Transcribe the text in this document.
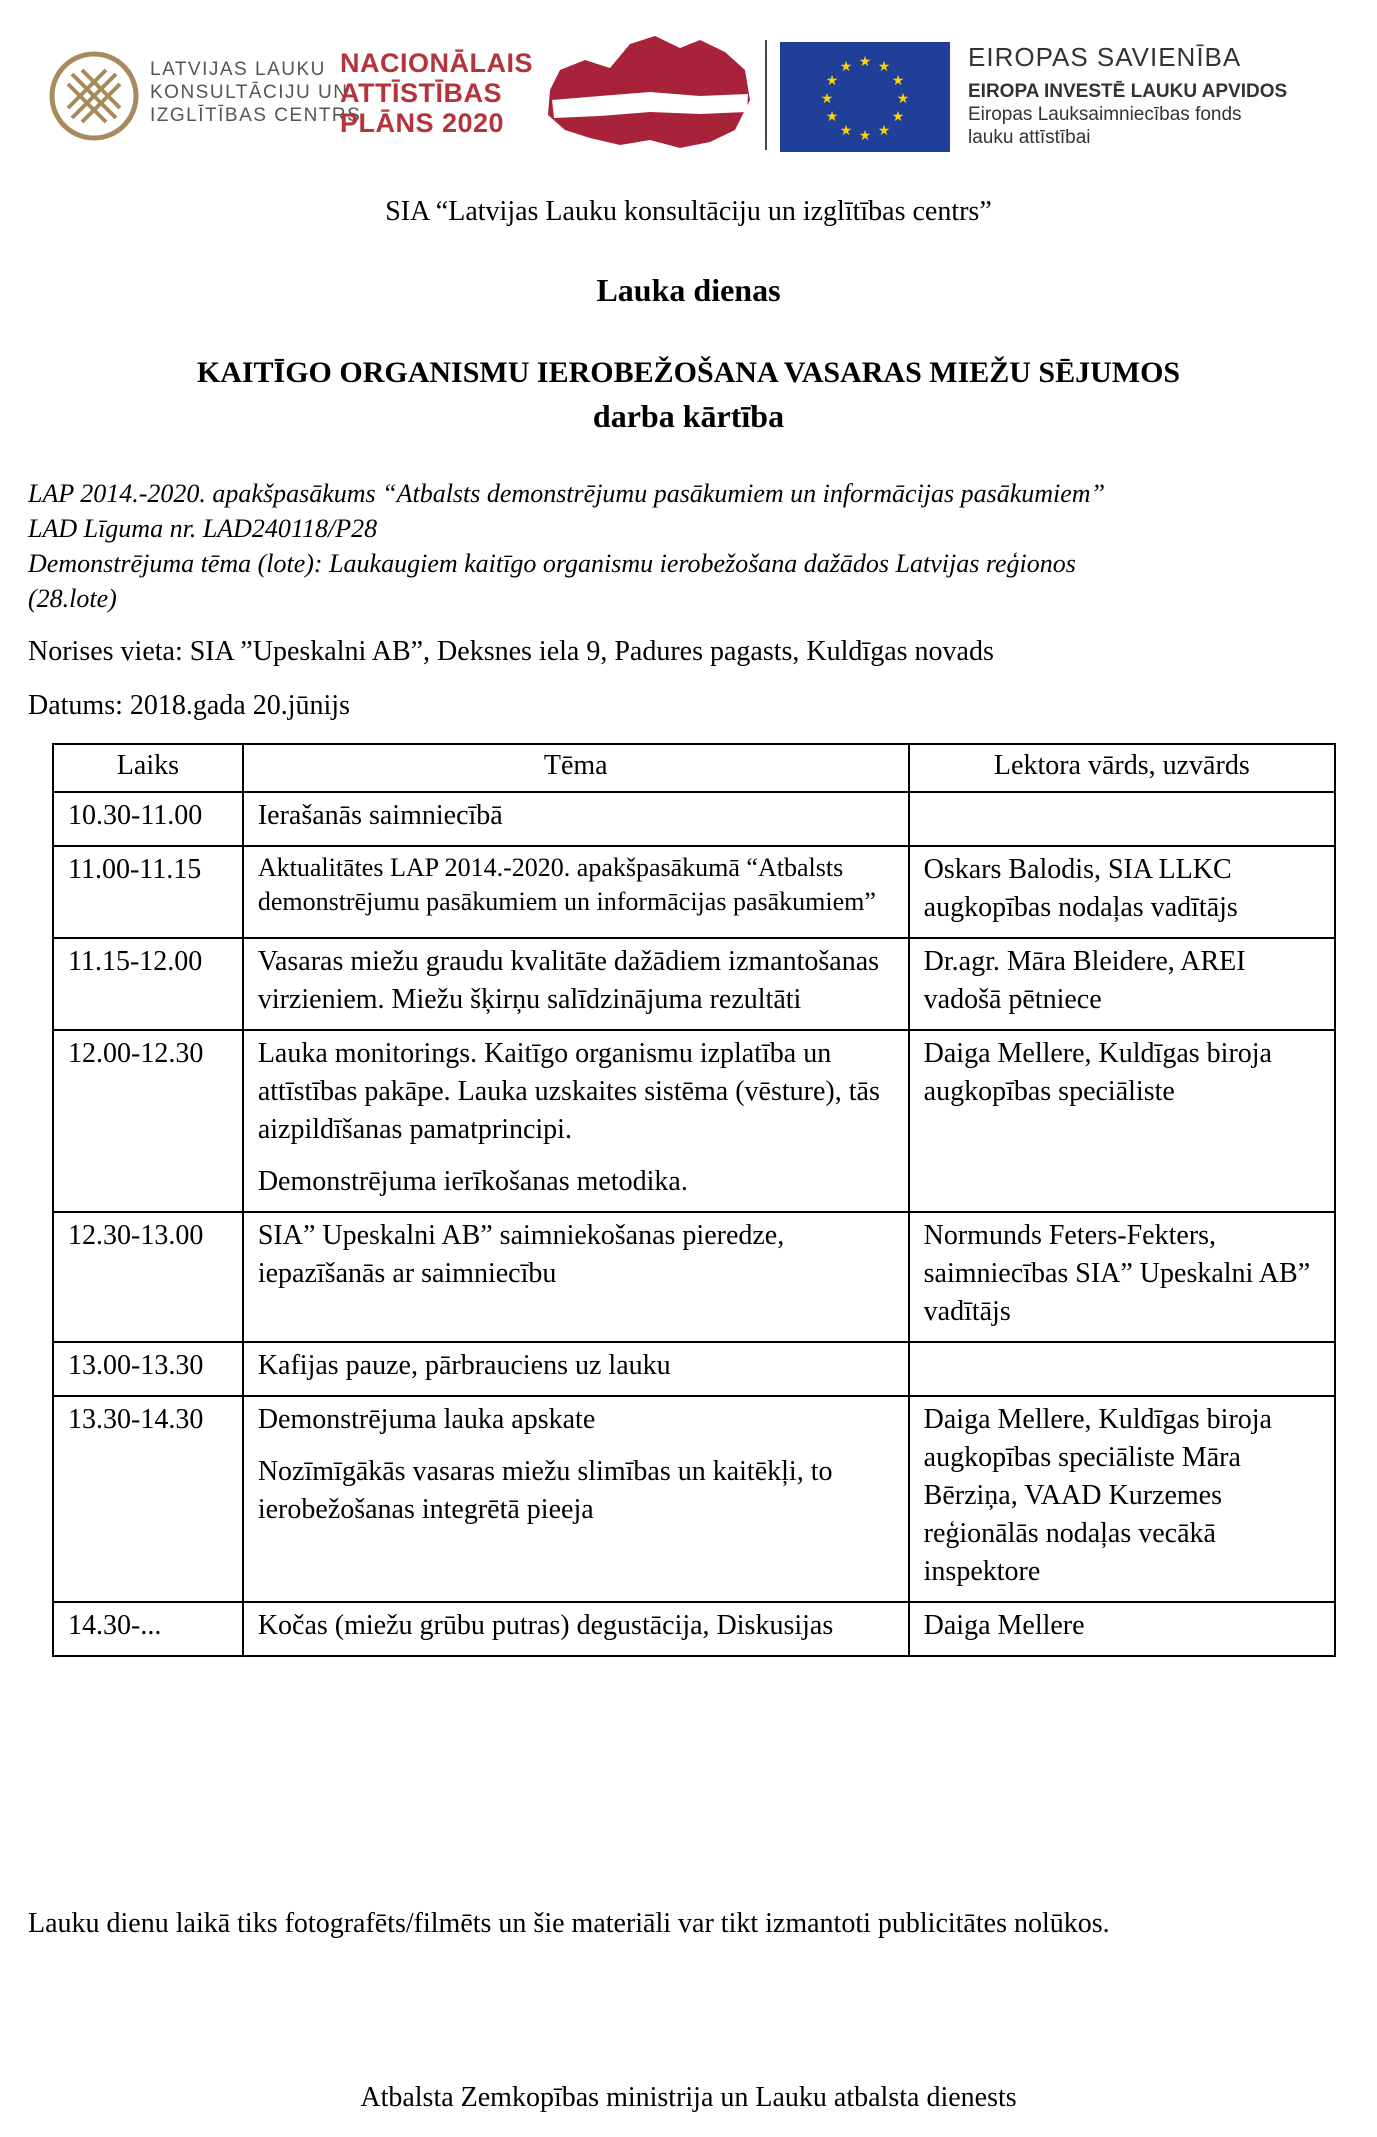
LATVIJAS LAUKU
KONSULTĀCIJU UN
IZGLĪTĪBAS CENTRS
NACIONĀLAIS
ATTĪSTĪBAS
PLĀNS 2020
★ ★
★
★
★
★
★
★
★
★
★
★	EIROPAS SAVIENĪBA
EIROPA INVESTĒ LAUKU APVIDOS
Eiropas Lauksaimniecības fonds
lauku attīstībai
SIA “Latvijas Lauku konsultāciju un izglītības centrs”
Lauka dienas
KAITĪGO ORGANISMU IEROBEŽOŠANA VASARAS MIEŽU SĒJUMOS
darba kārtība
LAP 2014.-2020. apakšpasākums “Atbalsts demonstrējumu pasākumiem un informācijas pasākumiem”
LAD Līguma nr. LAD240118/P28
Demonstrējuma tēma (lote): Laukaugiem kaitīgo organismu ierobežošana dažādos Latvijas reģionos
(28.lote)
Norises vieta: SIA ”Upeskalni AB”, Deksnes iela 9, Padures pagasts, Kuldīgas novads
Datums: 2018.gada 20.jūnijs
Laiks	Tēma	Lektora vārds, uzvārds
10.30-11.00	Ierašanās saimniecībā	
11.00-11.15	Aktualitātes LAP 2014.-2020. apakšpasākumā “Atbalsts demonstrējumu pasākumiem un informācijas pasākumiem”	Oskars Balodis, SIA LLKC augkopības nodaļas vadītājs
11.15-12.00	Vasaras miežu graudu kvalitāte dažādiem izmantošanas virzieniem. Miežu šķirņu salīdzinājuma rezultāti	Dr.agr. Māra Bleidere, AREI vadošā pētniece
12.00-12.30	Lauka monitorings. Kaitīgo organismu izplatība un attīstības pakāpe. Lauka uzskaites sistēma (vēsture), tās aizpildīšanas pamatprincipi.
Demonstrējuma ierīkošanas metodika.	Daiga Mellere, Kuldīgas biroja augkopības speciāliste
12.30-13.00	SIA” Upeskalni AB” saimniekošanas pieredze, iepazīšanās ar saimniecību	Normunds Feters-Fekters, saimniecības SIA” Upeskalni AB” vadītājs
13.00-13.30	Kafijas pauze, pārbrauciens uz lauku	
13.30-14.30	Demonstrējuma lauka apskate
Nozīmīgākās vasaras miežu slimības un kaitēkļi, to ierobežošanas integrētā pieeja	Daiga Mellere, Kuldīgas biroja augkopības speciāliste Māra Bērziņa, VAAD Kurzemes reģionālās nodaļas vecākā inspektore
14.30-...	Kočas (miežu grūbu putras) degustācija, Diskusijas	Daiga Mellere
Lauku dienu laikā tiks fotografēts/filmēts un šie materiāli var tikt izmantoti publicitātes nolūkos.
Atbalsta Zemkopības ministrija un Lauku atbalsta dienests
